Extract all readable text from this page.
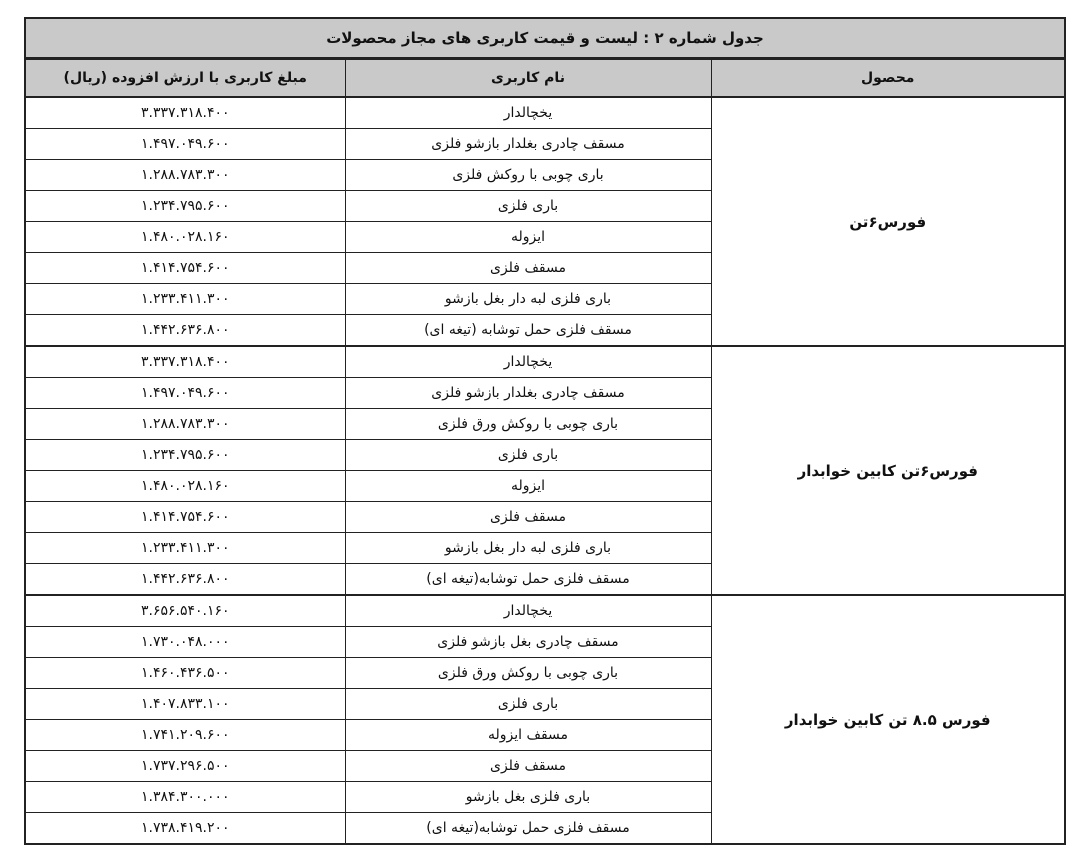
جدول شماره ۲ : لیست و قیمت کاربری های مجاز محصولات
مبلغ کاربری با ارزش افزوده (ریال)	نام کاربری	محصول
۳.۳۳۷.۳۱۸.۴۰۰	یخچالدار	فورس۶تن
۱.۴۹۷.۰۴۹.۶۰۰	مسقف چادری بغلدار بازشو فلزی	
۱.۲۸۸.۷۸۳.۳۰۰	باری چوبی با روکش فلزی	
۱.۲۳۴.۷۹۵.۶۰۰	باری فلزی	
۱.۴۸۰.۰۲۸.۱۶۰	ایزوله	
۱.۴۱۴.۷۵۴.۶۰۰	مسقف فلزی	
۱.۲۳۳.۴۱۱.۳۰۰	باری فلزی لبه دار بغل بازشو	
۱.۴۴۲.۶۳۶.۸۰۰	مسقف فلزی حمل توشابه (تیغه ای)	
۳.۳۳۷.۳۱۸.۴۰۰	یخچالدار	فورس۶تن کابین خوابدار
۱.۴۹۷.۰۴۹.۶۰۰	مسقف چادری بغلدار بازشو فلزی	
۱.۲۸۸.۷۸۳.۳۰۰	باری چوبی با روکش ورق فلزی	
۱.۲۳۴.۷۹۵.۶۰۰	باری فلزی	
۱.۴۸۰.۰۲۸.۱۶۰	ایزوله	
۱.۴۱۴.۷۵۴.۶۰۰	مسقف فلزی	
۱.۲۳۳.۴۱۱.۳۰۰	باری فلزی لبه دار بغل بازشو	
۱.۴۴۲.۶۳۶.۸۰۰	مسقف فلزی حمل توشابه(تیغه ای)	
۳.۶۵۶.۵۴۰.۱۶۰	یخچالدار	فورس ۸.۵ تن کابین خوابدار
۱.۷۳۰.۰۴۸.۰۰۰	مسقف چادری بغل بازشو فلزی	
۱.۴۶۰.۴۳۶.۵۰۰	باری چوبی با روکش ورق فلزی	
۱.۴۰۷.۸۳۳.۱۰۰	باری فلزی	
۱.۷۴۱.۲۰۹.۶۰۰	مسقف ایزوله	
۱.۷۳۷.۲۹۶.۵۰۰	مسقف فلزی	
۱.۳۸۴.۳۰۰.۰۰۰	باری فلزی بغل بازشو	
۱.۷۳۸.۴۱۹.۲۰۰	مسقف فلزی حمل توشابه(تیغه ای)	
